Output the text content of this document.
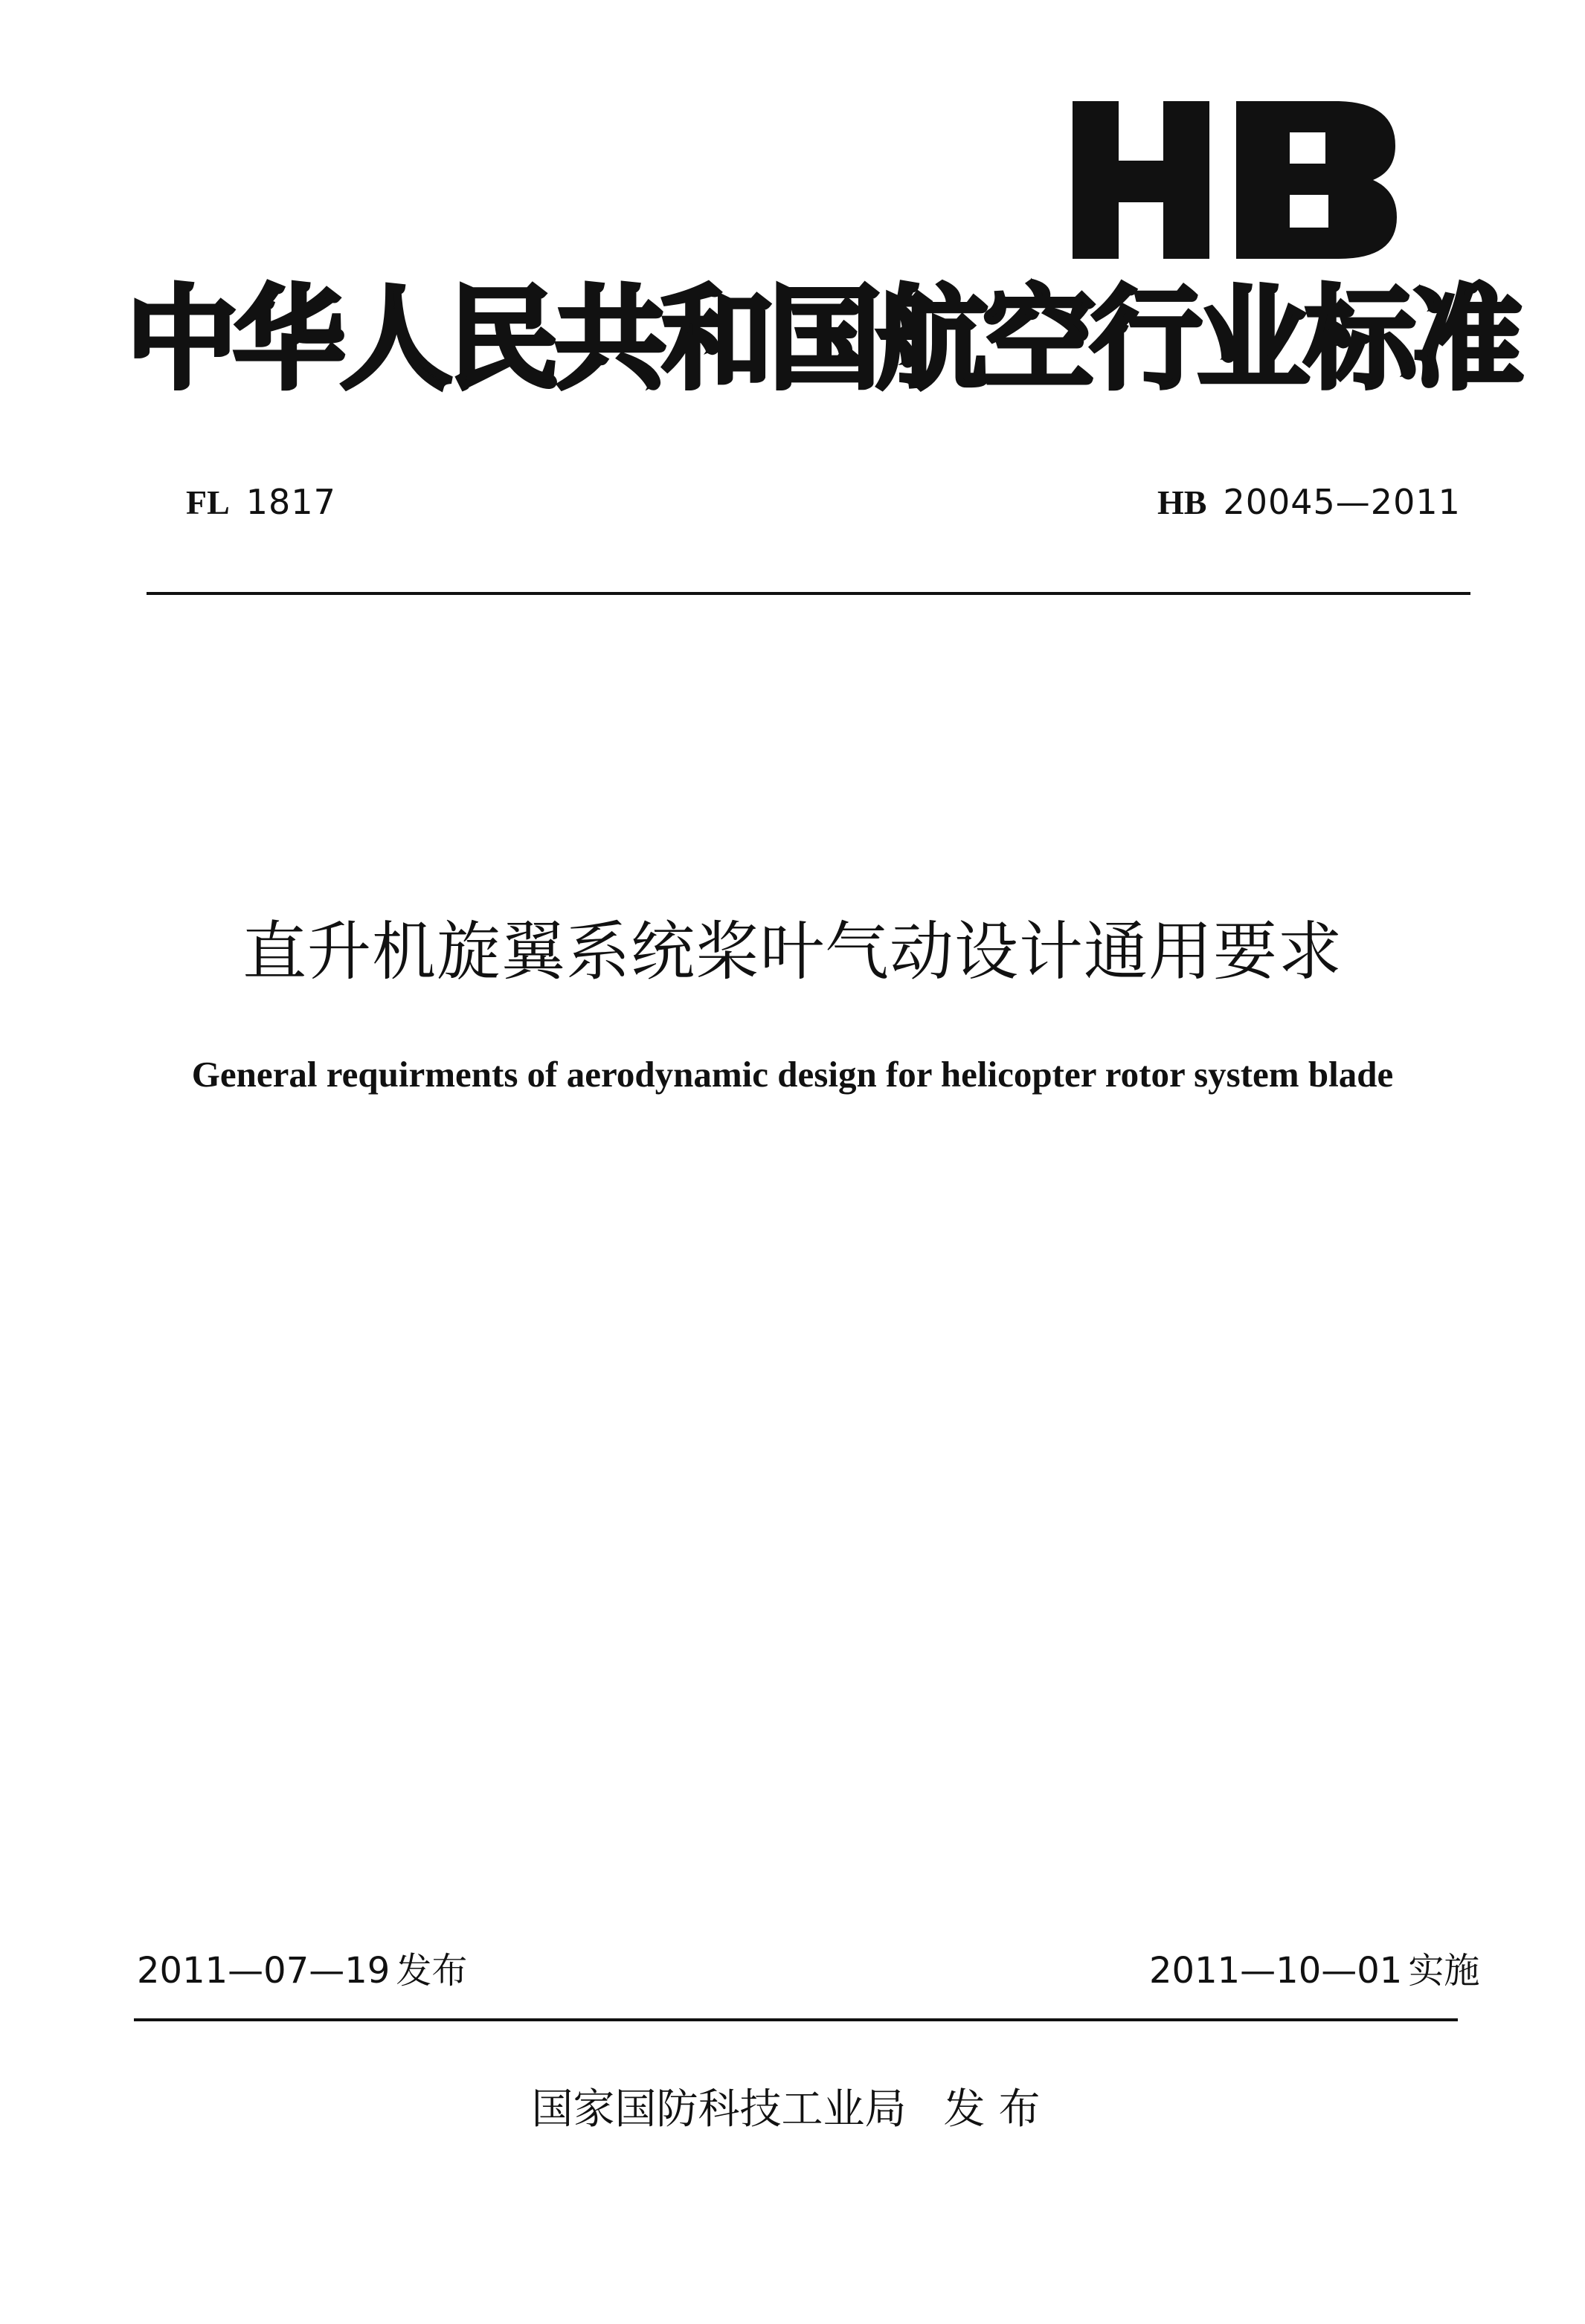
中华人民共和国航空行业标准
FL 1817	HB 20045—2011
直升机旋翼系统桨叶气动设计通用要求
General requirments of aerodynamic design for helicopter rotor system blade
2011—07—19 发布	2011—10—01 实施
国家国防科技工业局 发布
